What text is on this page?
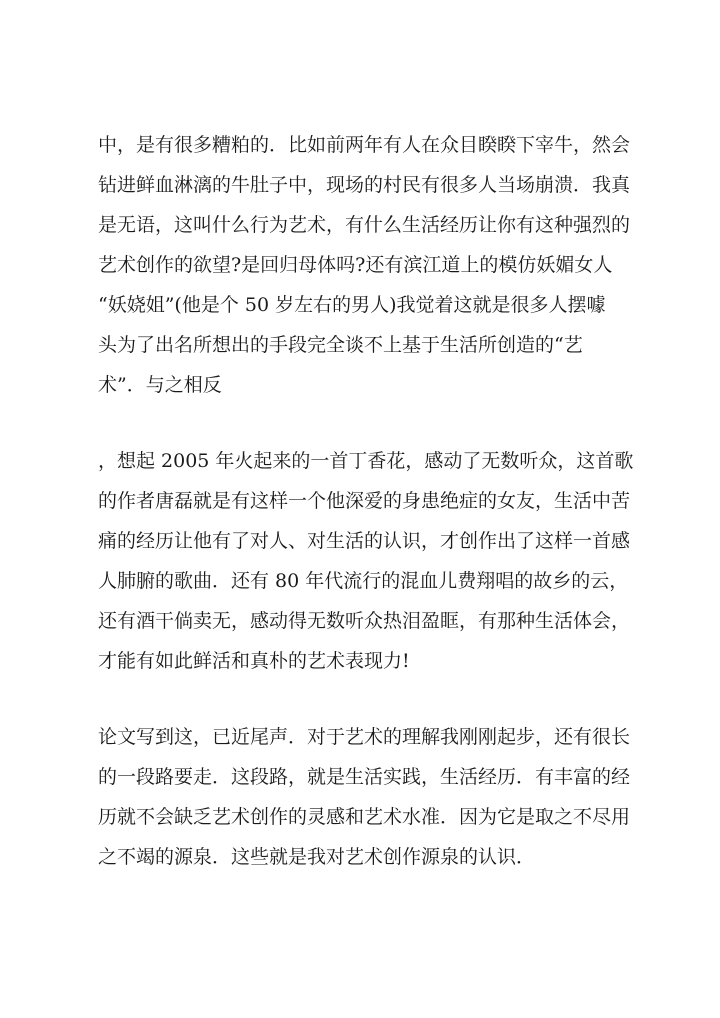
中，是有很多糟粕的．比如前两年有人在众目睽睽下宰牛，然会
钻进鲜血淋漓的牛肚子中，现场的村民有很多人当场崩溃．我真
是无语，这叫什么行为艺术，有什么生活经历让你有这种强烈的
艺术创作的欲望?是回归母体吗?还有滨江道上的模仿妖媚女人
“妖娆姐”(他是个 50 岁左右的男人)我觉着这就是很多人摆噱
头为了出名所想出的手段完全谈不上基于生活所创造的“艺
术”．与之相反
，想起 2005 年火起来的一首丁香花，感动了无数听众，这首歌
的作者唐磊就是有这样一个他深爱的身患绝症的女友，生活中苦
痛的经历让他有了对人、对生活的认识，才创作出了这样一首感
人肺腑的歌曲．还有 80 年代流行的混血儿费翔唱的故乡的云，
还有酒干倘卖无，感动得无数听众热泪盈眶，有那种生活体会，
才能有如此鲜活和真朴的艺术表现力!
论文写到这，已近尾声．对于艺术的理解我刚刚起步，还有很长
的一段路要走．这段路，就是生活实践，生活经历．有丰富的经
历就不会缺乏艺术创作的灵感和艺术水准．因为它是取之不尽用
之不竭的源泉．这些就是我对艺术创作源泉的认识．
